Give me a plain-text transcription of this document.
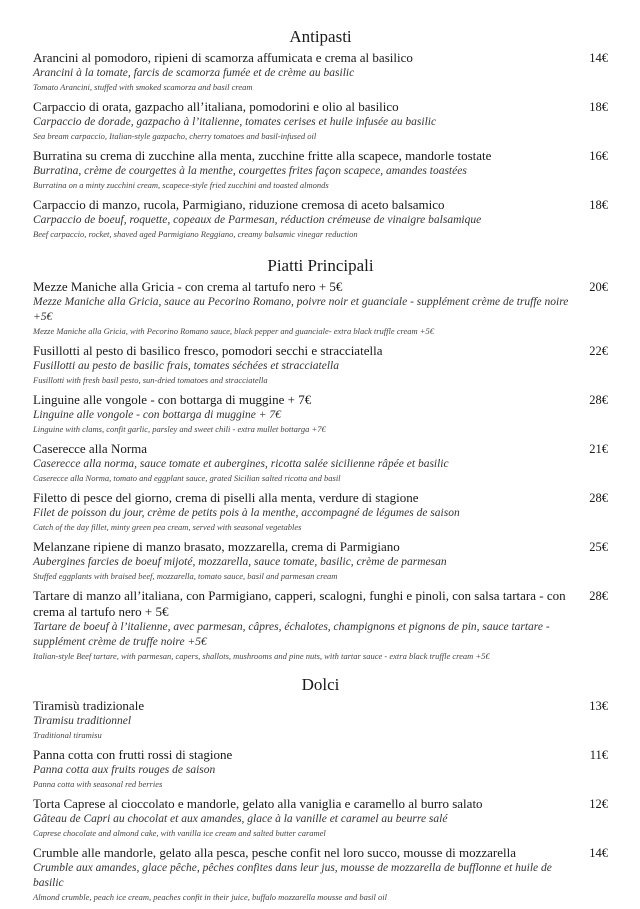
Antipasti
Arancini al pomodoro, ripieni di scamorza affumicata e crema al basilico
Arancini à la tomate, farcis de scamorza fumée et de crème au basilic
Tomato Arancini, stuffed with smoked scamorza and basil cream
14€
Carpaccio di orata, gazpacho all’italiana, pomodorini e olio al basilico
Carpaccio de dorade, gazpacho à l’italienne, tomates cerises et huile infusée au basilic
Sea bream carpaccio, Italian-style gazpacho, cherry tomatoes and basil-infused oil
18€
Burratina su crema di zucchine alla menta, zucchine fritte alla scapece, mandorle tostate
Burratina, crème de courgettes à la menthe, courgettes frites façon scapece, amandes toastées
Burratina on a minty zucchini cream, scapece-style fried zucchini and toasted almonds
16€
Carpaccio di manzo, rucola, Parmigiano, riduzione cremosa di aceto balsamico
Carpaccio de boeuf, roquette, copeaux de Parmesan, réduction crémeuse de vinaigre balsamique
Beef carpaccio, rocket, shaved aged Parmigiano Reggiano, creamy balsamic vinegar reduction
18€
Piatti Principali
Mezze Maniche alla Gricia - con crema al tartufo nero + 5€
Mezze Maniche alla Gricia, sauce au Pecorino Romano, poivre noir et guanciale - supplément crème de truffe noire +5€
Mezze Maniche alla Gricia, with Pecorino Romano sauce, black pepper and guanciale- extra black truffle cream +5€
20€
Fusillotti al pesto di basilico fresco, pomodori secchi e stracciatella
Fusillotti au pesto de basilic frais, tomates séchées et stracciatella
Fusillotti with fresh basil pesto, sun-dried tomatoes and stracciatella
22€
Linguine alle vongole - con bottarga di muggine + 7€
Linguine alle vongole - con bottarga di muggine + 7€
Linguine with clams, confit garlic, parsley and sweet chili - extra mullet bottarga +7€
28€
Caserecce alla Norma
Caserecce alla norma, sauce tomate et aubergines, ricotta salée sicilienne râpée et basilic
Caserecce alla Norma, tomato and eggplant sauce, grated Sicilian salted ricotta and basil
21€
Filetto di pesce del giorno, crema di piselli alla menta, verdure di stagione
Filet de poisson du jour, crème de petits pois à la menthe, accompagné de légumes de saison
Catch of the day fillet, minty green pea cream, served with seasonal vegetables
28€
Melanzane ripiene di manzo brasato, mozzarella, crema di Parmigiano
Aubergines farcies de boeuf mijoté, mozzarella, sauce tomate, basilic, crème de parmesan
Stuffed eggplants with braised beef, mozzarella, tomato sauce, basil and parmesan cream
25€
Tartare di manzo all’italiana, con Parmigiano, capperi, scalogni, funghi e pinoli, con salsa tartara - con crema al tartufo nero + 5€
Tartare de boeuf à l’italienne, avec parmesan, câpres, échalotes, champignons et pignons de pin, sauce tartare - supplément crème de truffe noire +5€
Italian-style Beef tartare, with parmesan, capers, shallots, mushrooms and pine nuts, with tartar sauce - extra black truffle cream +5€
28€
Dolci
Tiramisù tradizionale
Tiramisu traditionnel
Traditional tiramisu
13€
Panna cotta con frutti rossi di stagione
Panna cotta aux fruits rouges de saison
Panna cotta with seasonal red berries
11€
Torta Caprese al cioccolato e mandorle, gelato alla vaniglia e caramello al burro salato
Gâteau de Capri au chocolat et aux amandes, glace à la vanille et caramel au beurre salé
Caprese chocolate and almond cake, with vanilla ice cream and salted butter caramel
12€
Crumble alle mandorle, gelato alla pesca, pesche confit nel loro succo, mousse di mozzarella
Crumble aux amandes, glace pêche, pêches confites dans leur jus, mousse de mozzarella de bufflonne et huile de basilic
Almond crumble, peach ice cream, peaches confit in their juice, buffalo mozzarella mousse and basil oil
14€
